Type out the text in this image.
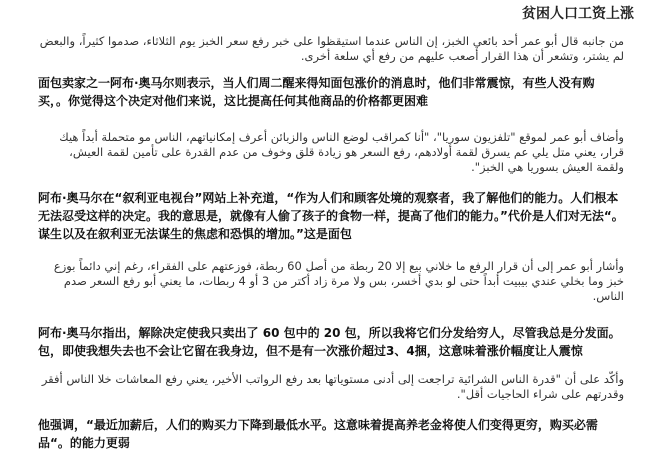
贫困人口工资上涨

من جانبه قال أبو عمر أحد بائعي الخبز، إن الناس عندما استيقظوا على خبر رفع سعر الخبز يوم الثلاثاء، صدموا كثيراً، والبعض لم يشتر، وتشعر أن هذا القرار أصعب عليهم من رفع أي سلعة أخرى.

面包卖家之一阿布·奥马尔则表示，当人们周二醒来得知面包涨价的消息时，他们非常震惊，有些人没有购买，。你觉得这个决定对他们来说，这比提高任何其他商品的价格都更困难

وأضاف أبو عمر لموقع "تلفزيون سوريا"، "أنا كمراقب لوضع الناس والزبائن أعرف إمكانياتهم، الناس مو متحملة أبداً هيك قرار، يعني متل يلي عم يسرق لقمة أولادهم، رفع السعر هو زيادة قلق وخوف من عدم القدرة على تأمين لقمة العيش، ولقمة العيش بسوريا هي الخبز".

阿布·奥马尔在“叙利亚电视台”网站上补充道，“作为人们和顾客处境的观察者，我了解他们的能力。人们根本无法忍受这样的决定。我的意思是，就像有人偷了孩子的食物一样，提高了他们的能力。”代价是人们对无法“。谋生以及在叙利亚无法谋生的焦虑和恐惧的增加。”这是面包

وأشار أبو عمر إلى أن قرار الرفع ما خلاني بيع إلا 20 ربطة من أصل 60 ربطة، فوزعتهم على الفقراء، رغم إني دائماً بوزع خبز وما بخلي عندي بيبيت أبداً حتى لو بدي أخسر، بس ولا مرة زاد أكتر من 3 أو 4 ربطات، ما يعني أبو رفع السعر صدم الناس.

阿布·奥马尔指出，解除决定使我只卖出了 60 包中的 20 包，所以我将它们分发给穷人，尽管我总是分发面。包，即使我想失去也不会让它留在我身边，但不是有一次涨价超过3、4捆，这意味着涨价幅度让人震惊

وأكّد على أن "قدرة الناس الشرائية تراجعت إلى أدنى مستوياتها بعد رفع الرواتب الأخير، يعني رفع المعاشات خلا الناس أفقر وقدرتهم على شراء الحاجيات أقل".

他强调，“最近加薪后，人们的购买力下降到最低水平。这意味着提高养老金将使人们变得更穷，购买必需品“。的能力更弱
